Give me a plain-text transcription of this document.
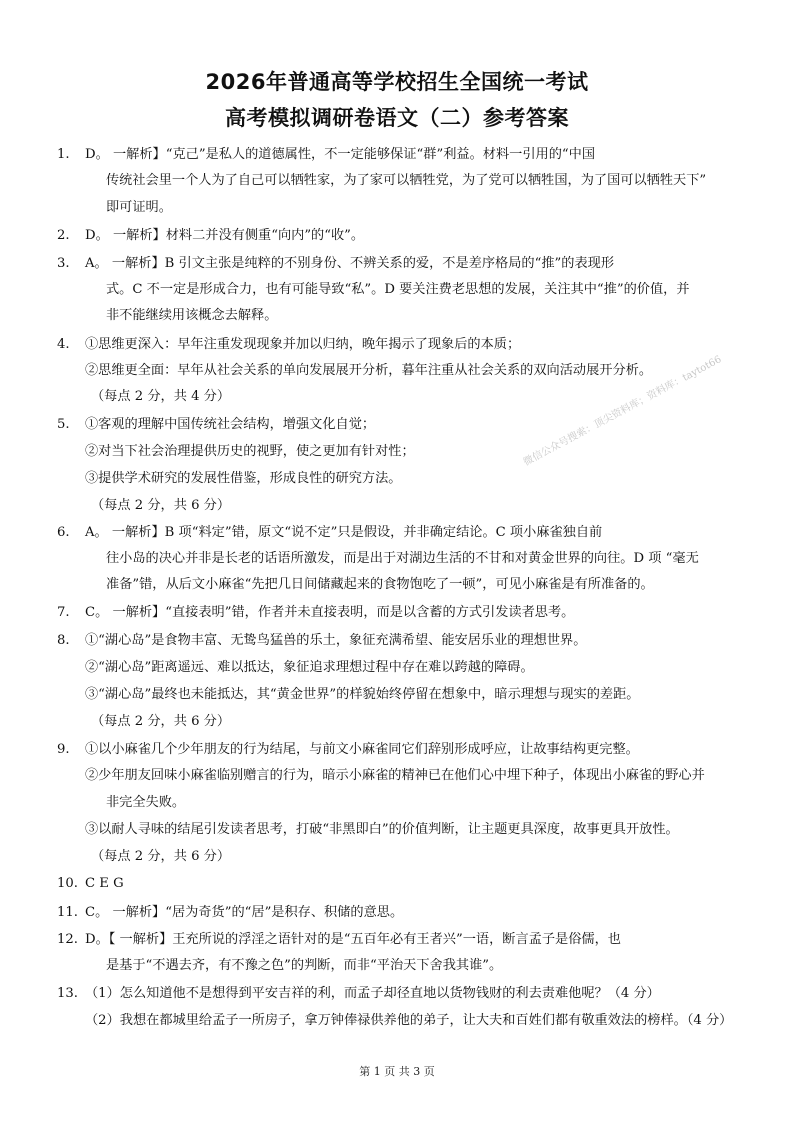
2026年普通高等学校招生全国统一考试
高考模拟调研卷语文（二）参考答案
1. D。 一解析】“克己”是私人的道德属性，不一定能够保证“群”利益。材料一引用的“中国
传统社会里一个人为了自己可以牺牲家，为了家可以牺牲党，为了党可以牺牲国，为了国可以牺牲天下”
即可证明。
2. D。 一解析】材料二并没有侧重“向内”的“收”。
3. A。 一解析】B 引文主张是纯粹的不别身份、不辨关系的爱，不是差序格局的“推”的表现形
式。C 不一定是形成合力，也有可能导致“私”。D 要关注费老思想的发展，关注其中“推”的价值，并
非不能继续用该概念去解释。
4. ①思维更深入：早年注重发现现象并加以归纳，晚年揭示了现象后的本质；
②思维更全面：早年从社会关系的单向发展展开分析，暮年注重从社会关系的双向活动展开分析。
（每点 2 分，共 4 分）
5. ①客观的理解中国传统社会结构，增强文化自觉；
②对当下社会治理提供历史的视野，使之更加有针对性；
③提供学术研究的发展性借鉴，形成良性的研究方法。
（每点 2 分，共 6 分）
6. A。 一解析】B 项“料定”错，原文“说不定”只是假设，并非确定结论。C 项小麻雀独自前
往小岛的决心并非是长老的话语所激发，而是出于对湖边生活的不甘和对黄金世界的向往。D 项 “毫无
准备”错，从后文小麻雀“先把几日间储藏起来的食物饱吃了一顿”，可见小麻雀是有所准备的。
7. C。 一解析】“直接表明”错，作者并未直接表明，而是以含蓄的方式引发读者思考。
8. ①“湖心岛”是食物丰富、无鸷鸟猛兽的乐土，象征充满希望、能安居乐业的理想世界。
②“湖心岛”距离遥远、难以抵达，象征追求理想过程中存在难以跨越的障碍。
③“湖心岛”最终也未能抵达，其“黄金世界”的样貌始终停留在想象中，暗示理想与现实的差距。
（每点 2 分，共 6 分）
9. ①以小麻雀几个少年朋友的行为结尾，与前文小麻雀同它们辞别形成呼应，让故事结构更完整。
②少年朋友回味小麻雀临别赠言的行为，暗示小麻雀的精神已在他们心中埋下种子，体现出小麻雀的野心并
非完全失败。
③以耐人寻味的结尾引发读者思考，打破“非黑即白”的价值判断，让主题更具深度，故事更具开放性。
（每点 2 分，共 6 分）
10. C E G
11. C。 一解析】“居为奇货”的“居”是积存、积储的意思。
12. D。【 一解析】王充所说的浮淫之语针对的是“五百年必有王者兴”一语，断言孟子是俗儒，也
是基于“不遇去齐，有不豫之色”的判断，而非“平治天下舍我其谁”。
13. （1）怎么知道他不是想得到平安吉祥的利，而孟子却径直地以货物钱财的利去责难他呢？（4 分）
（2）我想在都城里给孟子一所房子，拿万钟俸禄供养他的弟子，让大夫和百姓们都有敬重效法的榜样。（4 分）
第 1 页 共 3 页
微信公众号搜索：顶尖资料库；资料库：taytot66
